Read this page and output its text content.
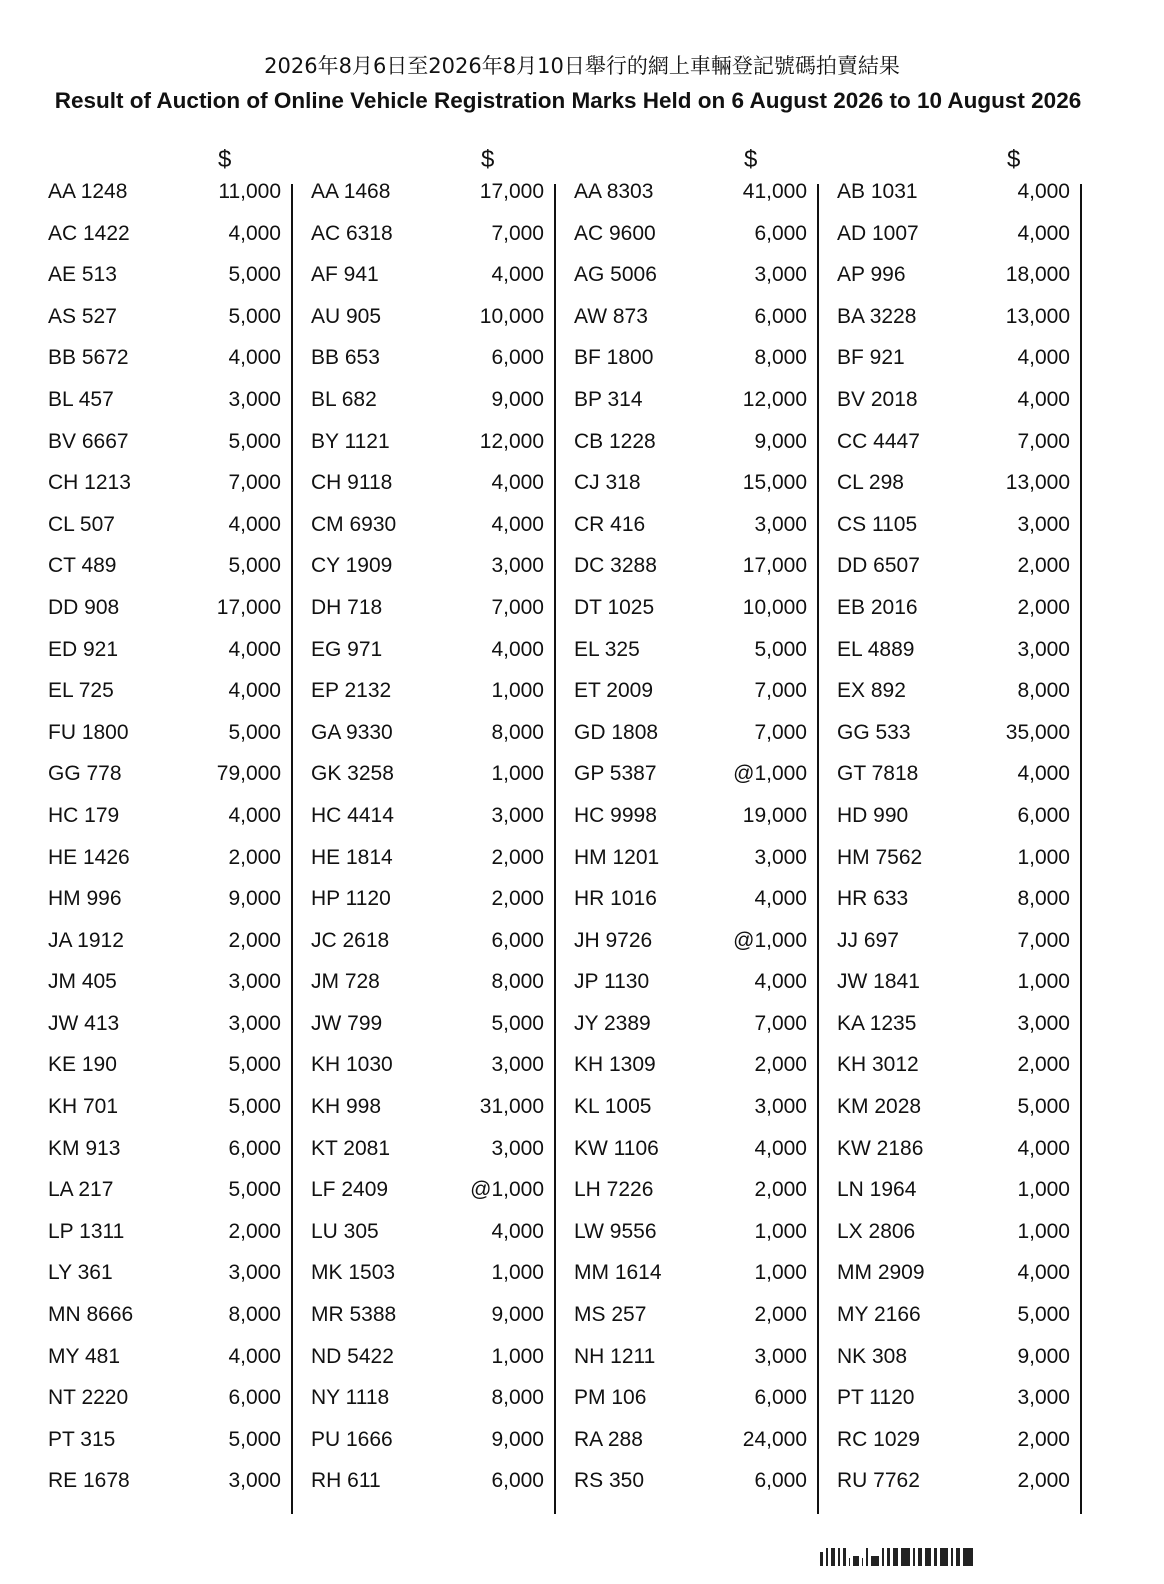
2026年8月6日至2026年8月10日舉行的網上車輛登記號碼拍賣結果
Result of Auction of Online Vehicle Registration Marks Held on 6 August 2026 to 10 August 2026
$
AA 1248	11,000
AC 1422	4,000
AE 513	5,000
AS 527	5,000
BB 5672	4,000
BL 457	3,000
BV 6667	5,000
CH 1213	7,000
CL 507	4,000
CT 489	5,000
DD 908	17,000
ED 921	4,000
EL 725	4,000
FU 1800	5,000
GG 778	79,000
HC 179	4,000
HE 1426	2,000
HM 996	9,000
JA 1912	2,000
JM 405	3,000
JW 413	3,000
KE 190	5,000
KH 701	5,000
KM 913	6,000
LA 217	5,000
LP 1311	2,000
LY 361	3,000
MN 8666	8,000
MY 481	4,000
NT 2220	6,000
PT 315	5,000
RE 1678	3,000
$
AA 1468	17,000
AC 6318	7,000
AF 941	4,000
AU 905	10,000
BB 653	6,000
BL 682	9,000
BY 1121	12,000
CH 9118	4,000
CM 6930	4,000
CY 1909	3,000
DH 718	7,000
EG 971	4,000
EP 2132	1,000
GA 9330	8,000
GK 3258	1,000
HC 4414	3,000
HE 1814	2,000
HP 1120	2,000
JC 2618	6,000
JM 728	8,000
JW 799	5,000
KH 1030	3,000
KH 998	31,000
KT 2081	3,000
LF 2409	@1,000
LU 305	4,000
MK 1503	1,000
MR 5388	9,000
ND 5422	1,000
NY 1118	8,000
PU 1666	9,000
RH 611	6,000
$
AA 8303	41,000
AC 9600	6,000
AG 5006	3,000
AW 873	6,000
BF 1800	8,000
BP 314	12,000
CB 1228	9,000
CJ 318	15,000
CR 416	3,000
DC 3288	17,000
DT 1025	10,000
EL 325	5,000
ET 2009	7,000
GD 1808	7,000
GP 5387	@1,000
HC 9998	19,000
HM 1201	3,000
HR 1016	4,000
JH 9726	@1,000
JP 1130	4,000
JY 2389	7,000
KH 1309	2,000
KL 1005	3,000
KW 1106	4,000
LH 7226	2,000
LW 9556	1,000
MM 1614	1,000
MS 257	2,000
NH 1211	3,000
PM 106	6,000
RA 288	24,000
RS 350	6,000
$
AB 1031	4,000
AD 1007	4,000
AP 996	18,000
BA 3228	13,000
BF 921	4,000
BV 2018	4,000
CC 4447	7,000
CL 298	13,000
CS 1105	3,000
DD 6507	2,000
EB 2016	2,000
EL 4889	3,000
EX 892	8,000
GG 533	35,000
GT 7818	4,000
HD 990	6,000
HM 7562	1,000
HR 633	8,000
JJ 697	7,000
JW 1841	1,000
KA 1235	3,000
KH 3012	2,000
KM 2028	5,000
KW 2186	4,000
LN 1964	1,000
LX 2806	1,000
MM 2909	4,000
MY 2166	5,000
NK 308	9,000
PT 1120	3,000
RC 1029	2,000
RU 7762	2,000
